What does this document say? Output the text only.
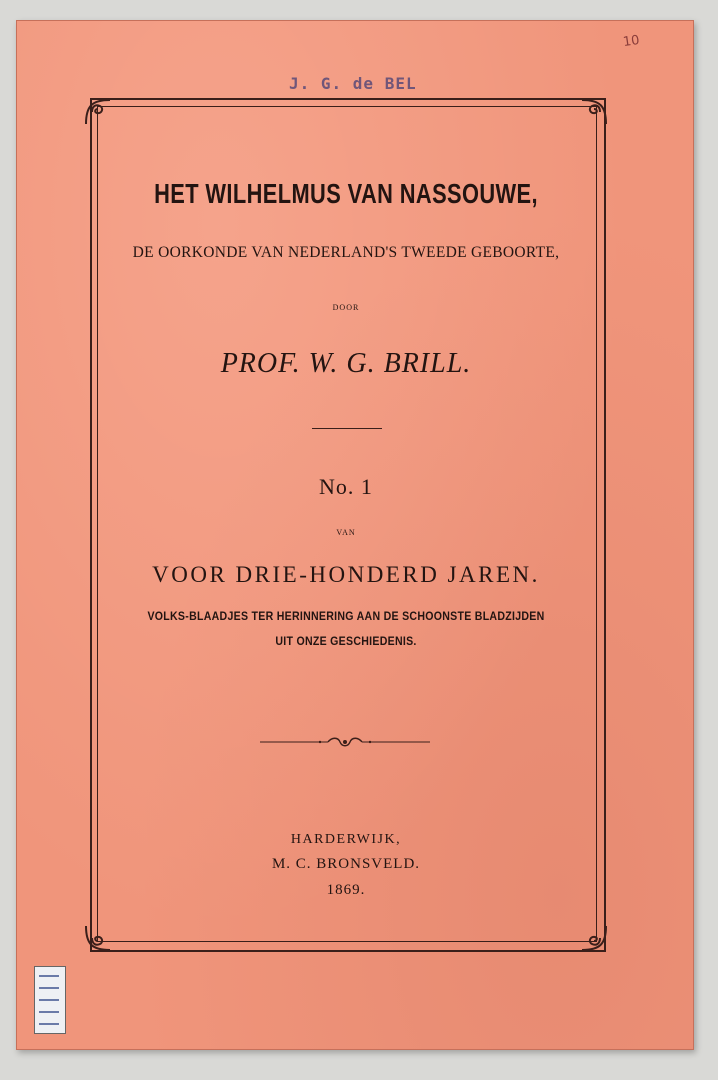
10
J. G. de BEL
HET WILHELMUS VAN NASSOUWE,
DE OORKONDE VAN NEDERLAND'S TWEEDE GEBOORTE,
DOOR
PROF. W. G. BRILL.
No. 1
VAN
VOOR DRIE-HONDERD JAREN.
VOLKS-BLAADJES TER HERINNERING AAN DE SCHOONSTE BLADZIJDEN
UIT ONZE GESCHIEDENIS.
HARDERWIJK,
M. C. BRONSVELD.
1869.
